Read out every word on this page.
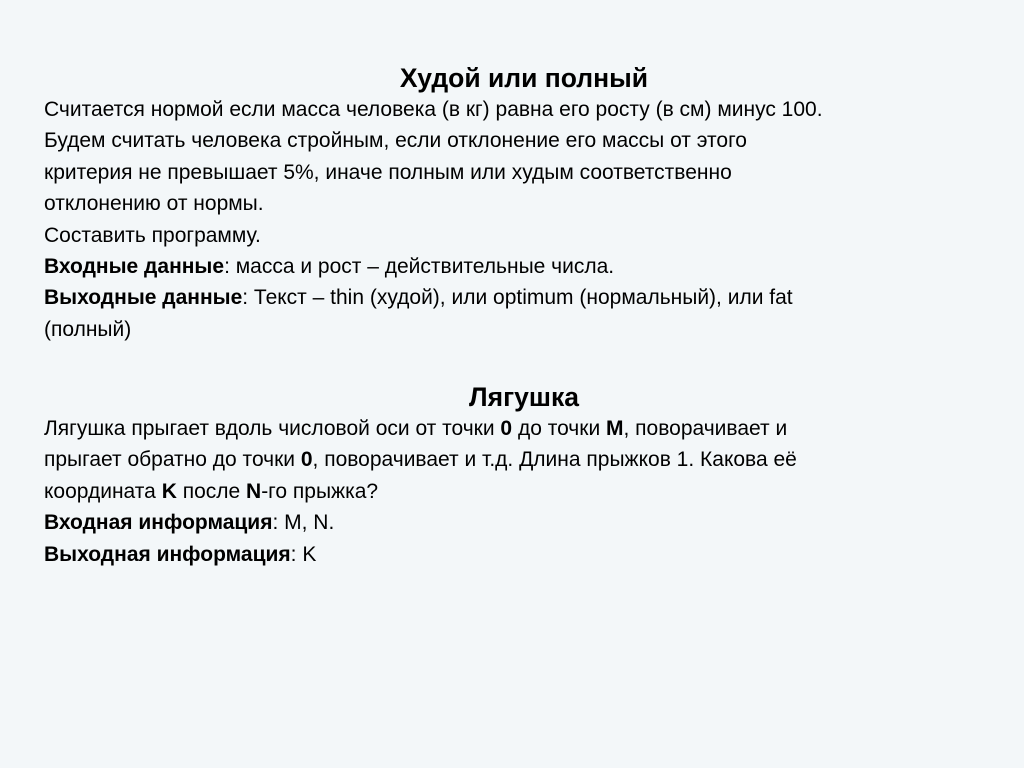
Худой или полный

Считается нормой если масса человека (в кг) равна его росту (в см) минус 100.

Будем считать человека стройным, если отклонение его массы от этого

критерия не превышает 5%, иначе полным или худым соответственно

отклонению от нормы.

Составить программу.

Входные данные: масса и рост – действительные числа.

Выходные данные: Текст – thin (худой), или optimum (нормальный), или fat

(полный)

Лягушка

Лягушка прыгает вдоль числовой оси от точки 0 до точки M, поворачивает и

прыгает обратно до точки 0, поворачивает и т.д. Длина прыжков 1. Какова её

координата K после N-го прыжка?

Входная информация: M, N.

Выходная информация: K
